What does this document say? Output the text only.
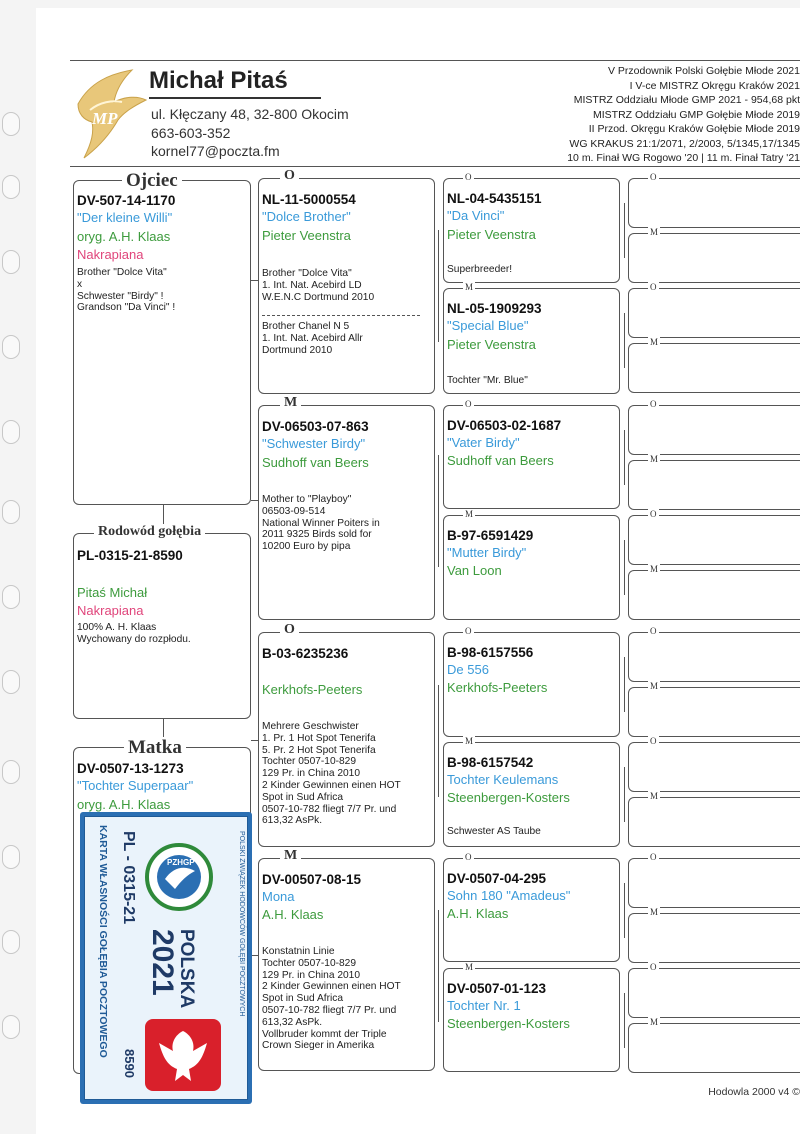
MP
Michał Pitaś
ul. Kłęczany 48, 32-800 Okocim
663-603-352
kornel77@poczta.fm
V Przodownik Polski Gołębie Młode 2021
I V-ce MISTRZ Okręgu Kraków 2021
MISTRZ Oddziału Młode GMP 2021 - 954,68 pkt
MISTRZ Oddziału GMP Gołębie Młode 2019
II Przod. Okręgu Kraków Gołębie Młode 2019
WG KRAKUS 21:1/2071, 2/2003, 5/1345,17/1345
10 m. Finał WG Rogowo '20 | 11 m. Finał Tatry '21
Ojciec
DV-507-14-1170
"Der kleine Willi"
oryg. A.H. Klaas
Nakrapiana
Brother "Dolce Vita"
x
Schwester "Birdy" !
Grandson "Da Vinci" !
Rodowód gołębia
PL-0315-21-8590
Pitaś Michał
Nakrapiana
100% A. H. Klaas
Wychowany do rozpłodu.
Matka
DV-0507-13-1273
"Tochter Superpaar"
oryg. A.H. Klaas
O
NL-11-5000554
"Dolce Brother"
Pieter Veenstra
Brother "Dolce Vita"
1. Int. Nat. Acebird LD
W.E.N.C Dortmund 2010
Brother Chanel N 5
1. Int. Nat. Acebird Allr
Dortmund 2010
M
DV-06503-07-863
"Schwester Birdy"
Sudhoff van Beers
Mother to "Playboy"
06503-09-514
National Winner Poiters in
2011 9325 Birds sold for
10200 Euro by pipa
O
B-03-6235236
Kerkhofs-Peeters
Mehrere Geschwister
1. Pr. 1 Hot Spot Tenerifa
5. Pr. 2 Hot Spot Tenerifa
Tochter 0507-10-829
129 Pr. in China 2010
2 Kinder Gewinnen einen HOT
Spot in Sud Africa
0507-10-782 fliegt 7/7 Pr. und
613,32 AsPk.
M
DV-00507-08-15
Mona
A.H. Klaas
Konstatnin Linie
Tochter 0507-10-829
129 Pr. in China 2010
2 Kinder Gewinnen einen HOT
Spot in Sud Africa
0507-10-782 fliegt 7/7 Pr. und
613,32 AsPk.
Vollbruder kommt der Triple
Crown Sieger in Amerika
O
NL-04-5435151
"Da Vinci"
Pieter Veenstra
Superbreeder!
M
NL-05-1909293
"Special Blue"
Pieter Veenstra
Tochter "Mr. Blue"
O
DV-06503-02-1687
"Vater Birdy"
Sudhoff van Beers
M
B-97-6591429
"Mutter Birdy"
Van Loon
O
B-98-6157556
De 556
Kerkhofs-Peeters
M
B-98-6157542
Tochter Keulemans
Steenbergen-Kosters
Schwester AS Taube
O
DV-0507-04-295
Sohn 180 "Amadeus"
A.H. Klaas
M
DV-0507-01-123
Tochter Nr. 1
Steenbergen-Kosters
O
M
O
M
O
M
O
M
O
M
O
M
O
M
O
M
Hodowla 2000 v4 ©
KARTA WŁASNOŚCI GOŁĘBIA POCZTOWEGO PL - 0315-21
8590
PZHGP
POLSKA
2021	POLSKI ZWIĄZEK HODOWCÓW GOŁĘBI POCZTOWYCH
